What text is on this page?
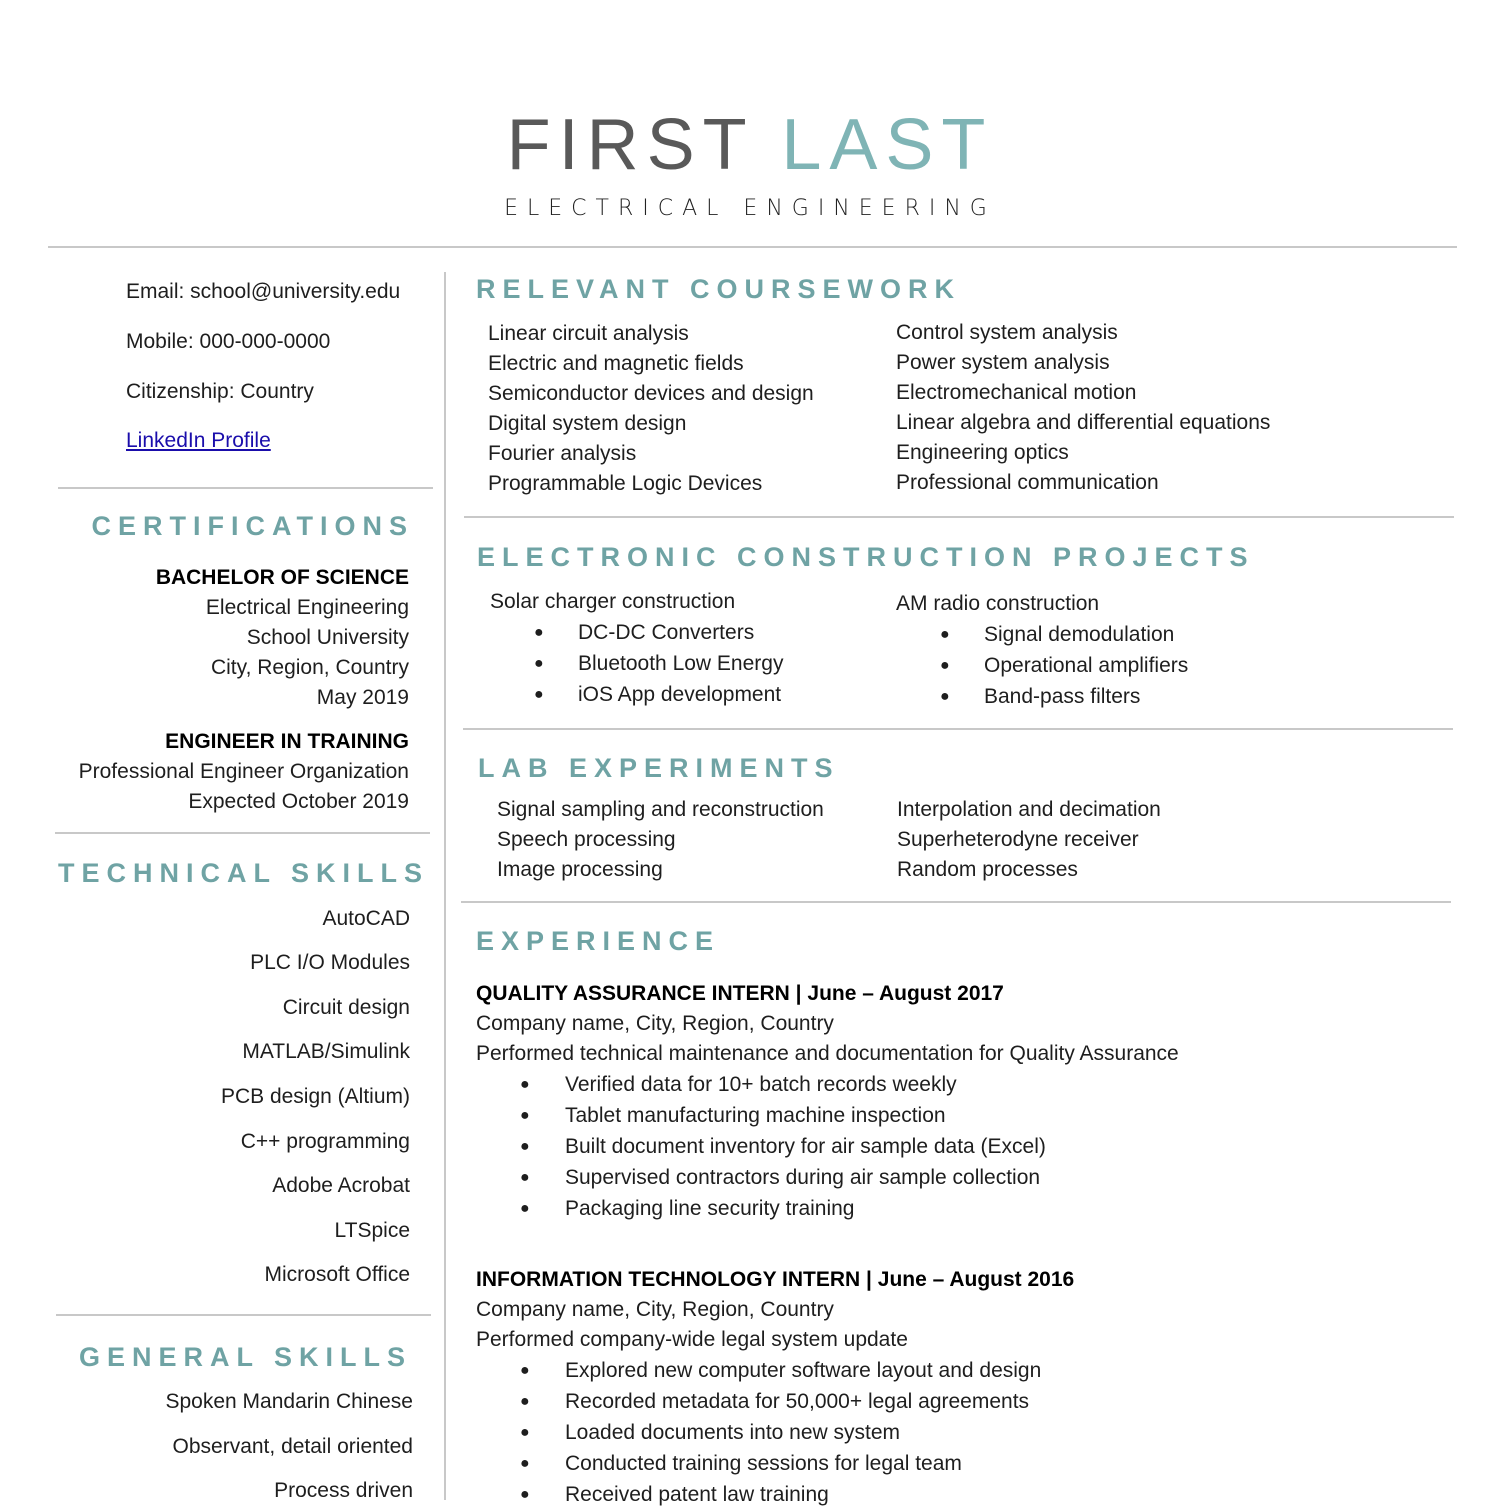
FIRST LAST
ELECTRICAL ENGINEERING
Email: school@university.edu
Mobile: 000-000-0000
Citizenship: Country
LinkedIn Profile
CERTIFICATIONS
BACHELOR OF SCIENCE
Electrical Engineering
School University
City, Region, Country
May 2019
ENGINEER IN TRAINING
Professional Engineer Organization
Expected October 2019
TECHNICAL SKILLS
AutoCAD
PLC I/O Modules
Circuit design
MATLAB/Simulink
PCB design (Altium)
C++ programming
Adobe Acrobat
LTSpice
Microsoft Office
GENERAL SKILLS
Spoken Mandarin Chinese
Observant, detail oriented
Process driven
RELEVANT COURSEWORK
Linear circuit analysis
Electric and magnetic fields
Semiconductor devices and design
Digital system design
Fourier analysis
Programmable Logic Devices
Control system analysis
Power system analysis
Electromechanical motion
Linear algebra and differential equations
Engineering optics
Professional communication
ELECTRONIC CONSTRUCTION PROJECTS
Solar charger construction
● DC-DC Converters
● Bluetooth Low Energy
● iOS App development
AM radio construction
● Signal demodulation
● Operational amplifiers
● Band-pass filters
LAB EXPERIMENTS
Signal sampling and reconstruction
Speech processing
Image processing
Interpolation and decimation
Superheterodyne receiver
Random processes
EXPERIENCE
QUALITY ASSURANCE INTERN | June – August 2017
Company name, City, Region, Country
Performed technical maintenance and documentation for Quality Assurance
● Verified data for 10+ batch records weekly
● Tablet manufacturing machine inspection
● Built document inventory for air sample data (Excel)
● Supervised contractors during air sample collection
● Packaging line security training
INFORMATION TECHNOLOGY INTERN | June – August 2016
Company name, City, Region, Country
Performed company-wide legal system update
● Explored new computer software layout and design
● Recorded metadata for 50,000+ legal agreements
● Loaded documents into new system
● Conducted training sessions for legal team
● Received patent law training
